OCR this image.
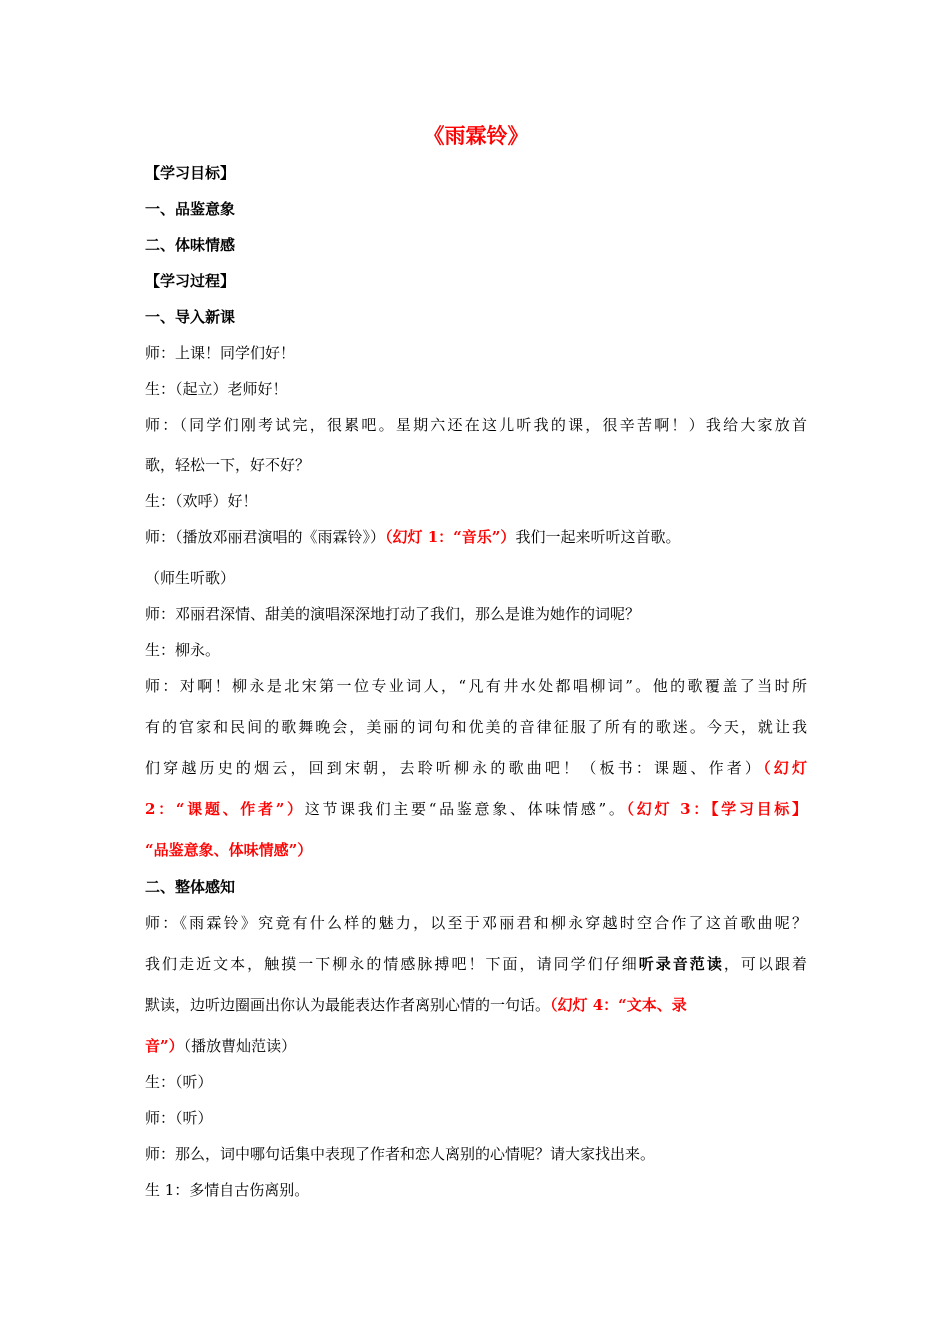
《雨霖铃》
【学习目标】
一、品鉴意象
二、体味情感
【学习过程】
一、导入新课
师：上课！同学们好！
生：（起立）老师好！
师：（同学们刚考试完，很累吧。星期六还在这儿听我的课，很辛苦啊！）我给大家放首
歌，轻松一下，好不好？
生：（欢呼）好！
师：（播放邓丽君演唱的《雨霖铃》）（幻灯 1：“音乐”）我们一起来听听这首歌。
（师生听歌）
师：邓丽君深情、甜美的演唱深深地打动了我们，那么是谁为她作的词呢？
生：柳永。
师：对啊！柳永是北宋第一位专业词人，“凡有井水处都唱柳词”。他的歌覆盖了当时所
有的官家和民间的歌舞晚会，美丽的词句和优美的音律征服了所有的歌迷。今天，就让我
们穿越历史的烟云，回到宋朝，去聆听柳永的歌曲吧！（板书：课题、作者）（幻灯
2：“课题、作者”）这节课我们主要“品鉴意象、体味情感”。（幻灯 3：【学习目标】
“品鉴意象、体味情感”）
二、整体感知
师：《雨霖铃》究竟有什么样的魅力，以至于邓丽君和柳永穿越时空合作了这首歌曲呢？
我们走近文本，触摸一下柳永的情感脉搏吧！下面，请同学们仔细听录音范读，可以跟着
默读，边听边圈画出你认为最能表达作者离别心情的一句话。（幻灯 4：“文本、录
音”）（播放曹灿范读）
生：（听）
师：（听）
师：那么，词中哪句话集中表现了作者和恋人离别的心情呢？请大家找出来。
生 1：多情自古伤离别。
